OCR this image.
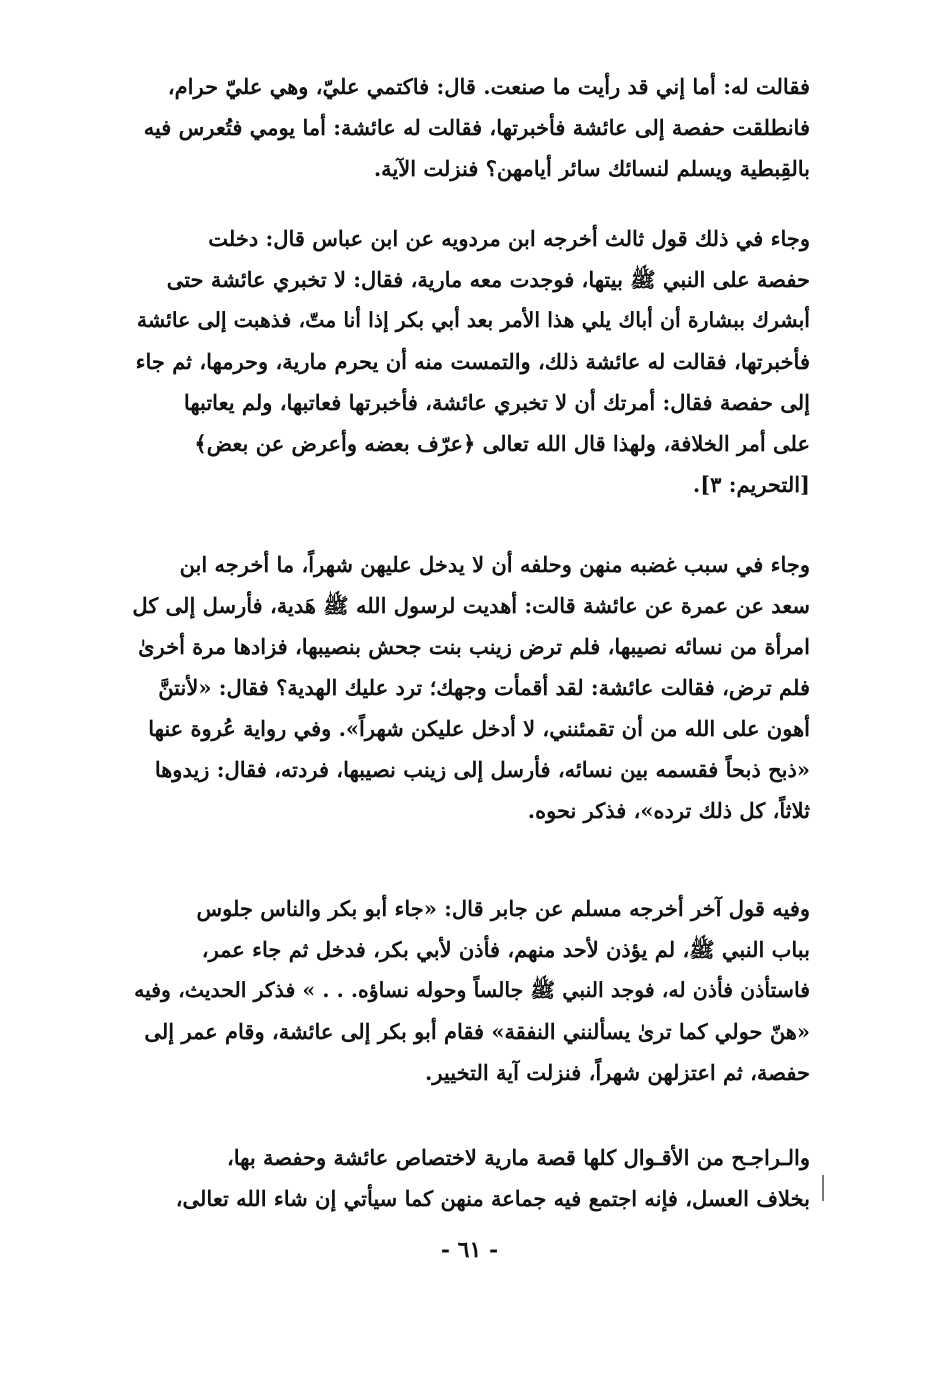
فقالت له: أما إني قد رأيت ما صنعت. قال: فاكتمي عليّ، وهي عليّ حرام،
فانطلقت حفصة إلى عائشة فأخبرتها، فقالت له عائشة: أما يومي فتُعرس فيه
بالقِبطية ويسلم لنسائك سائر أيامهن؟ فنزلت الآية.
وجاء في ذلك قول ثالث أخرجه ابن مردويه عن ابن عباس قال: دخلت
حفصة على النبي ﷺ بيتها، فوجدت معه مارية، فقال: لا تخبري عائشة حتى
أبشرك ببشارة أن أباك يلي هذا الأمر بعد أبي بكر إذا أنا متّ، فذهبت إلى عائشة
فأخبرتها، فقالت له عائشة ذلك، والتمست منه أن يحرم مارية، وحرمها، ثم جاء
إلى حفصة فقال: أمرتك أن لا تخبري عائشة، فأخبرتها فعاتبها، ولم يعاتبها
على أمر الخلافة، ولهذا قال الله تعالى ﴿عرّف بعضه وأعرض عن بعض﴾
[التحريم: ٣].
وجاء في سبب غضبه منهن وحلفه أن لا يدخل عليهن شهراً، ما أخرجه ابن
سعد عن عمرة عن عائشة قالت: أهديت لرسول الله ﷺ هَدية، فأرسل إلى كل
امرأة من نسائه نصيبها، فلم ترض زينب بنت جحش بنصيبها، فزادها مرة أخرىٰ
فلم ترض، فقالت عائشة: لقد أقمأت وجهك؛ ترد عليك الهدية؟ فقال: «لأنتنَّ
أهون على الله من أن تقمئنني، لا أدخل عليكن شهراً». وفي رواية عُروة عنها
«ذبح ذبحاً فقسمه بين نسائه، فأرسل إلى زينب نصيبها، فردته، فقال: زيدوها
ثلاثاً، كل ذلك ترده»، فذكر نحوه.
وفيه قول آخر أخرجه مسلم عن جابر قال: «جاء أبو بكر والناس جلوس
بباب النبي ﷺ، لم يؤذن لأحد منهم، فأذن لأبي بكر، فدخل ثم جاء عمر،
فاستأذن فأذن له، فوجد النبي ﷺ جالساً وحوله نساؤه. . . » فذكر الحديث، وفيه
«هنّ حولي كما ترىٰ يسألنني النفقة» فقام أبو بكر إلى عائشة، وقام عمر إلى
حفصة، ثم اعتزلهن شهراً، فنزلت آية التخيير.
والـراجـح من الأقـوال كلها قصة مارية لاختصاص عائشة وحفصة بها،
بخلاف العسل، فإنه اجتمع فيه جماعة منهن كما سيأتي إن شاء الله تعالى،
- ٦١ -
